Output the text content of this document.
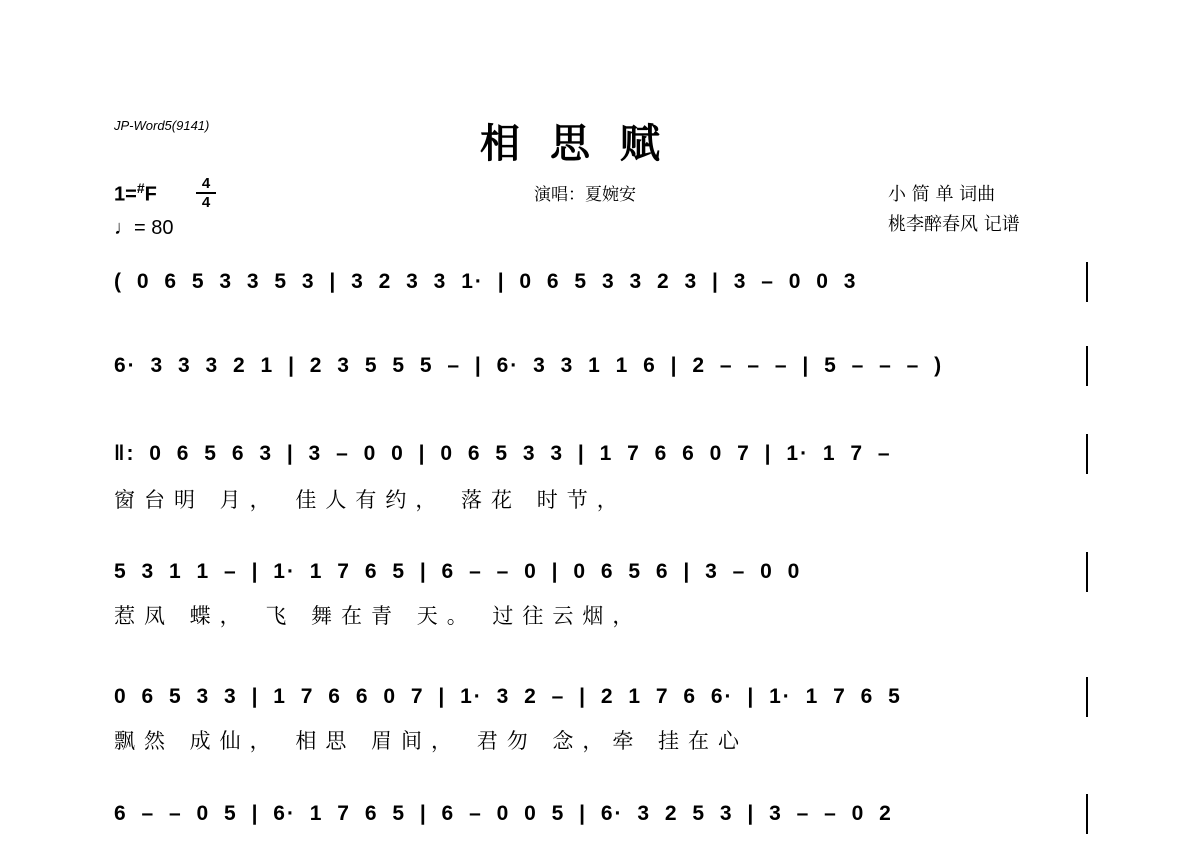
JP-Word5(9141)	相思赋
1=#F
4
4
♩= 80
演唱：夏婉安	小 简 单 词曲
桃李醉春风 记谱
( 0 6 5 3 3 5 3 | 3 2 3 3 1· | 0 6 5 3 3 2 3 | 3 – 0 0 3
6· 3 3 3 2 1 | 2 3 5 5 5 – | 6· 3 3 1 1 6 | 2 – – – | 5 – – – )
‖: 0 6 5 6 3 | 3 – 0 0 | 0 6 5 3 3 | 1 7 6 6 0 7 | 1· 1 7 –
窗台明 月， 佳人有约， 落花 时节，
5 3 1 1 – | 1· 1 7 6 5 | 6 – – 0 | 0 6 5 6 | 3 – 0 0
惹凤 蝶， 飞 舞在青 天。 过往云烟，
0 6 5 3 3 | 1 7 6 6 0 7 | 1· 3 2 – | 2 1 7 6 6· | 1· 1 7 6 5
飘然 成仙， 相思 眉间， 君勿 念，牵 挂在心
6 – – 0 5 | 6· 1 7 6 5 | 6 – 0 0 5 | 6· 3 2 5 3 | 3 – – 0 2
